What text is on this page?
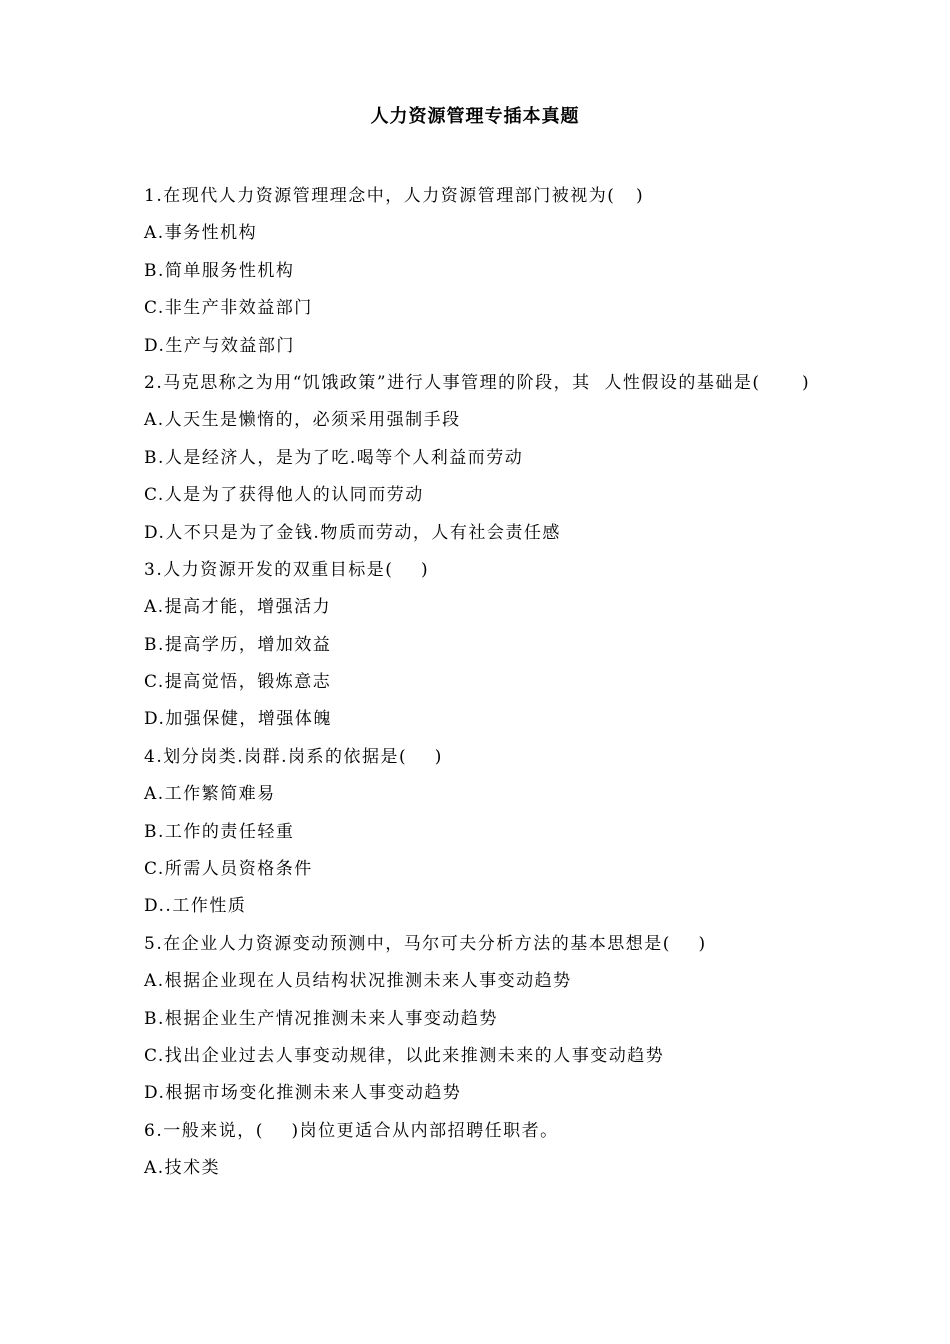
人力资源管理专插本真题
1.在现代人力资源管理理念中，人力资源管理部门被视为(   )
A.事务性机构
B.简单服务性机构
C.非生产非效益部门
D.生产与效益部门
2.马克思称之为用“饥饿政策”进行人事管理的阶段，其  人性假设的基础是(      )
A.人天生是懒惰的，必须采用强制手段
B.人是经济人，是为了吃.喝等个人利益而劳动
C.人是为了获得他人的认同而劳动
D.人不只是为了金钱.物质而劳动，人有社会责任感
3.人力资源开发的双重目标是(    )
A.提高才能，增强活力
B.提高学历，增加效益
C.提高觉悟，锻炼意志
D.加强保健，增强体魄
4.划分岗类.岗群.岗系的依据是(    )
A.工作繁简难易
B.工作的责任轻重
C.所需人员资格条件
D..工作性质
5.在企业人力资源变动预测中，马尔可夫分析方法的基本思想是(    )
A.根据企业现在人员结构状况推测未来人事变动趋势
B.根据企业生产情况推测未来人事变动趋势
C.找出企业过去人事变动规律，以此来推测未来的人事变动趋势
D.根据市场变化推测未来人事变动趋势
6.一般来说，(    )岗位更适合从内部招聘任职者。
A.技术类
